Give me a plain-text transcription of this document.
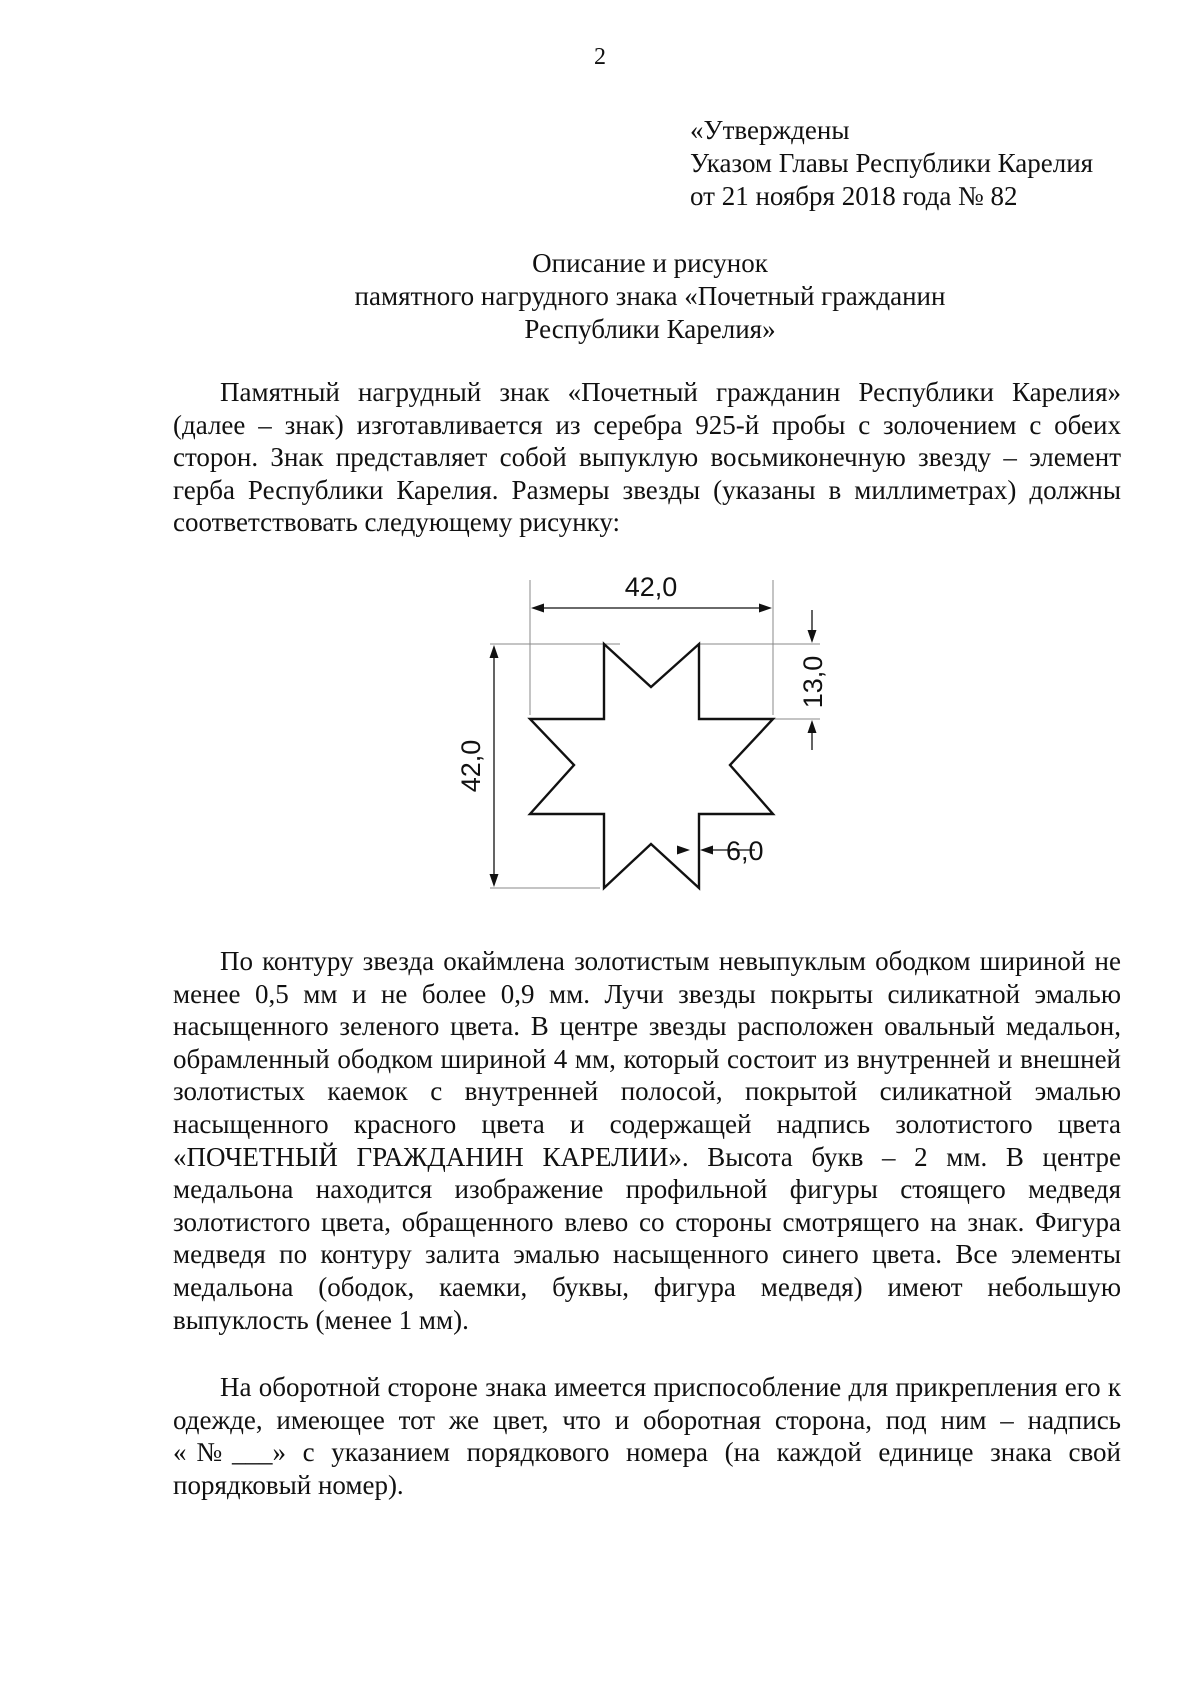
2
«Утверждены
Указом Главы Республики Карелия
от 21 ноября 2018 года № 82
Описание и рисунок
памятного нагрудного знака «Почетный гражданин
Республики Карелия»

Памятный нагрудный знак «Почетный гражданин Республики Карелия» (далее – знак) изготавливается из серебра 925-й пробы с золочением с обеих сторон. Знак представляет собой выпуклую восьмиконечную звезду – элемент герба Республики Карелия. Размеры звезды (указаны в миллиметрах) должны соответствовать следующему рисунку:

42,0
42,0
13,0
6,0

По контуру звезда окаймлена золотистым невыпуклым ободком шириной не менее 0,5 мм и не более 0,9 мм. Лучи звезды покрыты силикатной эмалью насыщенного зеленого цвета. В центре звезды расположен овальный медальон, обрамленный ободком шириной 4 мм, который состоит из внутренней и внешней золотистых каемок с внутренней полосой, покрытой силикатной эмалью насыщенного красного цвета и содержащей надпись золотистого цвета «ПОЧЕТНЫЙ ГРАЖДАНИН КАРЕЛИИ». Высота букв – 2 мм. В центре медальона находится изображение профильной фигуры стоящего медведя золотистого цвета, обращенного влево со стороны смотрящего на знак. Фигура медведя по контуру залита эмалью насыщенного синего цвета. Все элементы медальона (ободок, каемки, буквы, фигура медведя) имеют небольшую выпуклость (менее 1 мм).

На оборотной стороне знака имеется приспособление для прикрепления его к одежде, имеющее тот же цвет, что и оборотная сторона, под ним – надпись «№___» с указанием порядкового номера (на каждой единице знака свой порядковый номер).
